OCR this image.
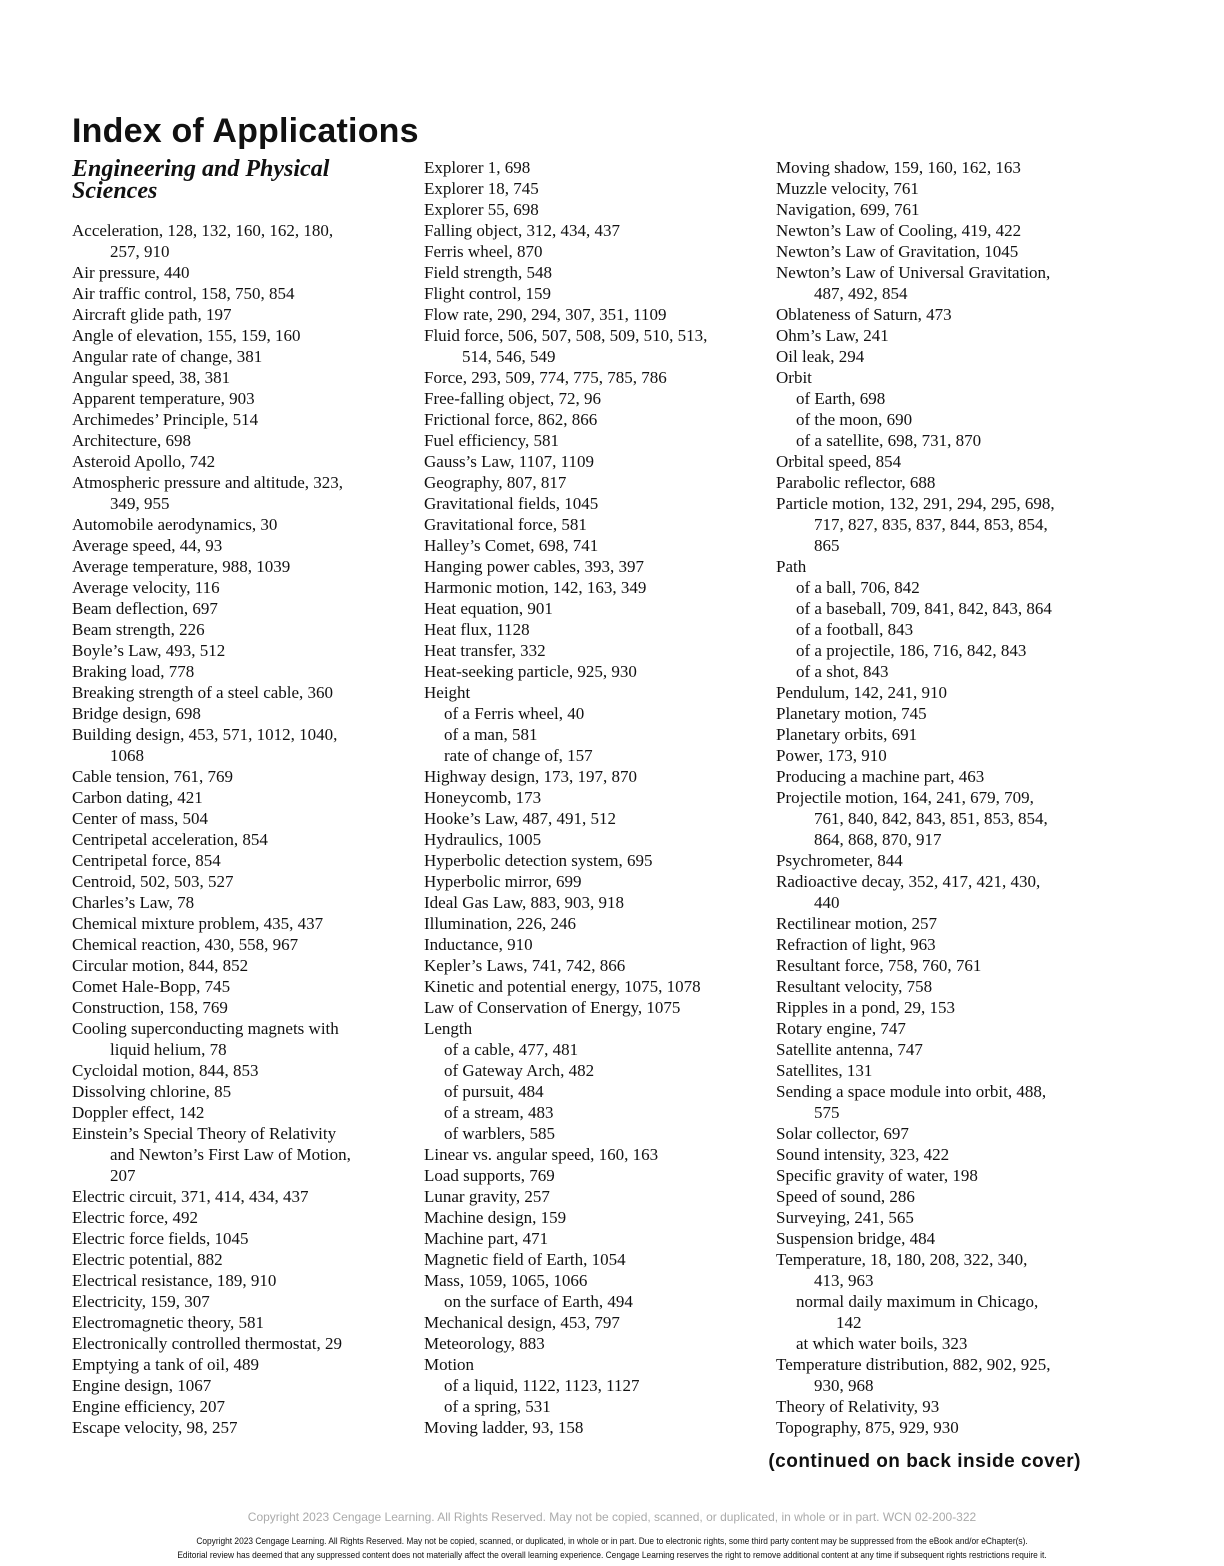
Index of Applications
Engineering and Physical Sciences
Acceleration, 128, 132, 160, 162, 180,
257, 910
Air pressure, 440
Air traffic control, 158, 750, 854
Aircraft glide path, 197
Angle of elevation, 155, 159, 160
Angular rate of change, 381
Angular speed, 38, 381
Apparent temperature, 903
Archimedes’ Principle, 514
Architecture, 698
Asteroid Apollo, 742
Atmospheric pressure and altitude, 323,
349, 955
Automobile aerodynamics, 30
Average speed, 44, 93
Average temperature, 988, 1039
Average velocity, 116
Beam deflection, 697
Beam strength, 226
Boyle’s Law, 493, 512
Braking load, 778
Breaking strength of a steel cable, 360
Bridge design, 698
Building design, 453, 571, 1012, 1040,
1068
Cable tension, 761, 769
Carbon dating, 421
Center of mass, 504
Centripetal acceleration, 854
Centripetal force, 854
Centroid, 502, 503, 527
Charles’s Law, 78
Chemical mixture problem, 435, 437
Chemical reaction, 430, 558, 967
Circular motion, 844, 852
Comet Hale-Bopp, 745
Construction, 158, 769
Cooling superconducting magnets with
liquid helium, 78
Cycloidal motion, 844, 853
Dissolving chlorine, 85
Doppler effect, 142
Einstein’s Special Theory of Relativity
and Newton’s First Law of Motion,
207
Electric circuit, 371, 414, 434, 437
Electric force, 492
Electric force fields, 1045
Electric potential, 882
Electrical resistance, 189, 910
Electricity, 159, 307
Electromagnetic theory, 581
Electronically controlled thermostat, 29
Emptying a tank of oil, 489
Engine design, 1067
Engine efficiency, 207
Escape velocity, 98, 257
Explorer 1, 698
Explorer 18, 745
Explorer 55, 698
Falling object, 312, 434, 437
Ferris wheel, 870
Field strength, 548
Flight control, 159
Flow rate, 290, 294, 307, 351, 1109
Fluid force, 506, 507, 508, 509, 510, 513,
514, 546, 549
Force, 293, 509, 774, 775, 785, 786
Free-falling object, 72, 96
Frictional force, 862, 866
Fuel efficiency, 581
Gauss’s Law, 1107, 1109
Geography, 807, 817
Gravitational fields, 1045
Gravitational force, 581
Halley’s Comet, 698, 741
Hanging power cables, 393, 397
Harmonic motion, 142, 163, 349
Heat equation, 901
Heat flux, 1128
Heat transfer, 332
Heat-seeking particle, 925, 930
Height
of a Ferris wheel, 40
of a man, 581
rate of change of, 157
Highway design, 173, 197, 870
Honeycomb, 173
Hooke’s Law, 487, 491, 512
Hydraulics, 1005
Hyperbolic detection system, 695
Hyperbolic mirror, 699
Ideal Gas Law, 883, 903, 918
Illumination, 226, 246
Inductance, 910
Kepler’s Laws, 741, 742, 866
Kinetic and potential energy, 1075, 1078
Law of Conservation of Energy, 1075
Length
of a cable, 477, 481
of Gateway Arch, 482
of pursuit, 484
of a stream, 483
of warblers, 585
Linear vs. angular speed, 160, 163
Load supports, 769
Lunar gravity, 257
Machine design, 159
Machine part, 471
Magnetic field of Earth, 1054
Mass, 1059, 1065, 1066
on the surface of Earth, 494
Mechanical design, 453, 797
Meteorology, 883
Motion
of a liquid, 1122, 1123, 1127
of a spring, 531
Moving ladder, 93, 158
Moving shadow, 159, 160, 162, 163
Muzzle velocity, 761
Navigation, 699, 761
Newton’s Law of Cooling, 419, 422
Newton’s Law of Gravitation, 1045
Newton’s Law of Universal Gravitation,
487, 492, 854
Oblateness of Saturn, 473
Ohm’s Law, 241
Oil leak, 294
Orbit
of Earth, 698
of the moon, 690
of a satellite, 698, 731, 870
Orbital speed, 854
Parabolic reflector, 688
Particle motion, 132, 291, 294, 295, 698,
717, 827, 835, 837, 844, 853, 854,
865
Path
of a ball, 706, 842
of a baseball, 709, 841, 842, 843, 864
of a football, 843
of a projectile, 186, 716, 842, 843
of a shot, 843
Pendulum, 142, 241, 910
Planetary motion, 745
Planetary orbits, 691
Power, 173, 910
Producing a machine part, 463
Projectile motion, 164, 241, 679, 709,
761, 840, 842, 843, 851, 853, 854,
864, 868, 870, 917
Psychrometer, 844
Radioactive decay, 352, 417, 421, 430,
440
Rectilinear motion, 257
Refraction of light, 963
Resultant force, 758, 760, 761
Resultant velocity, 758
Ripples in a pond, 29, 153
Rotary engine, 747
Satellite antenna, 747
Satellites, 131
Sending a space module into orbit, 488,
575
Solar collector, 697
Sound intensity, 323, 422
Specific gravity of water, 198
Speed of sound, 286
Surveying, 241, 565
Suspension bridge, 484
Temperature, 18, 180, 208, 322, 340,
413, 963
normal daily maximum in Chicago,
142
at which water boils, 323
Temperature distribution, 882, 902, 925,
930, 968
Theory of Relativity, 93
Topography, 875, 929, 930
(continued on back inside cover)
Copyright 2023 Cengage Learning. All Rights Reserved. May not be copied, scanned, or duplicated, in whole or in part. WCN 02-200-322
Copyright 2023 Cengage Learning. All Rights Reserved. May not be copied, scanned, or duplicated, in whole or in part. Due to electronic rights, some third party content may be suppressed from the eBook and/or eChapter(s).
Editorial review has deemed that any suppressed content does not materially affect the overall learning experience. Cengage Learning reserves the right to remove additional content at any time if subsequent rights restrictions require it.
